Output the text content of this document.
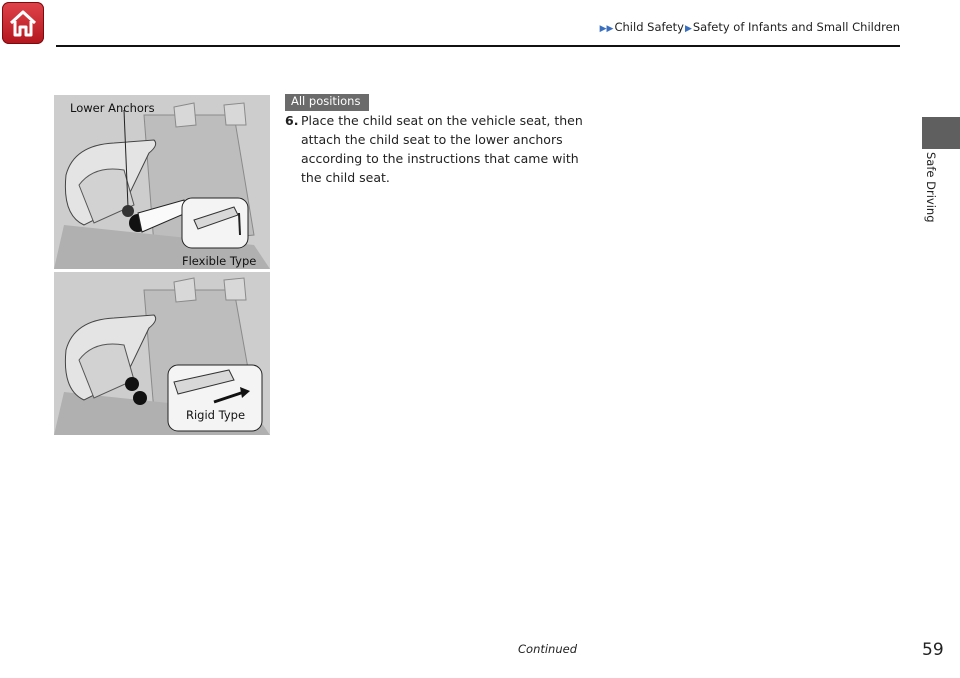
▶▶Child Safety▶Safety of Infants and Small Children
Safe Driving
Lower Anchors
Flexible Type
Rigid Type
All positions
6. Place the child seat on the vehicle seat, then attach the child seat to the lower anchors according to the instructions that came with the child seat.
Continued	59
